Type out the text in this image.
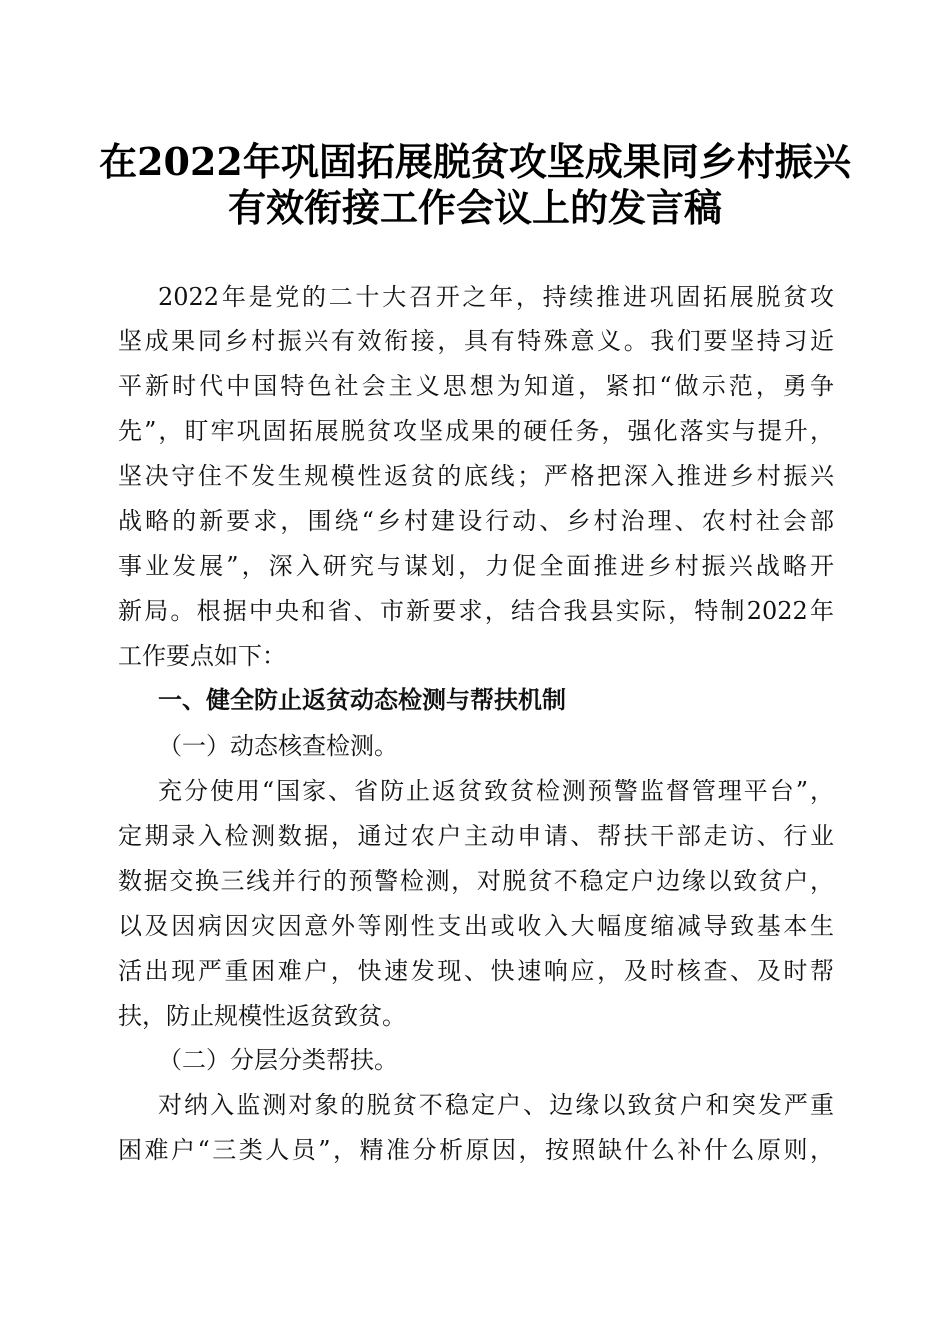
在2022年巩固拓展脱贫攻坚成果同乡村振兴
有效衔接工作会议上的发言稿
2022年是党的二十大召开之年，持续推进巩固拓展脱贫攻
坚成果同乡村振兴有效衔接，具有特殊意义。我们要坚持习近
平新时代中国特色社会主义思想为知道，紧扣“做示范，勇争
先”，盯牢巩固拓展脱贫攻坚成果的硬任务，强化落实与提升，
坚决守住不发生规模性返贫的底线；严格把深入推进乡村振兴
战略的新要求，围绕“乡村建设行动、乡村治理、农村社会部
事业发展”，深入研究与谋划，力促全面推进乡村振兴战略开
新局。根据中央和省、市新要求，结合我县实际，特制2022年
工作要点如下：
一、健全防止返贫动态检测与帮扶机制
（一）动态核查检测。
充分使用“国家、省防止返贫致贫检测预警监督管理平台”，
定期录入检测数据，通过农户主动申请、帮扶干部走访、行业
数据交换三线并行的预警检测，对脱贫不稳定户边缘以致贫户，
以及因病因灾因意外等刚性支出或收入大幅度缩减导致基本生
活出现严重困难户，快速发现、快速响应，及时核查、及时帮
扶，防止规模性返贫致贫。
（二）分层分类帮扶。
对纳入监测对象的脱贫不稳定户、边缘以致贫户和突发严重
困难户“三类人员”，精准分析原因，按照缺什么补什么原则，
